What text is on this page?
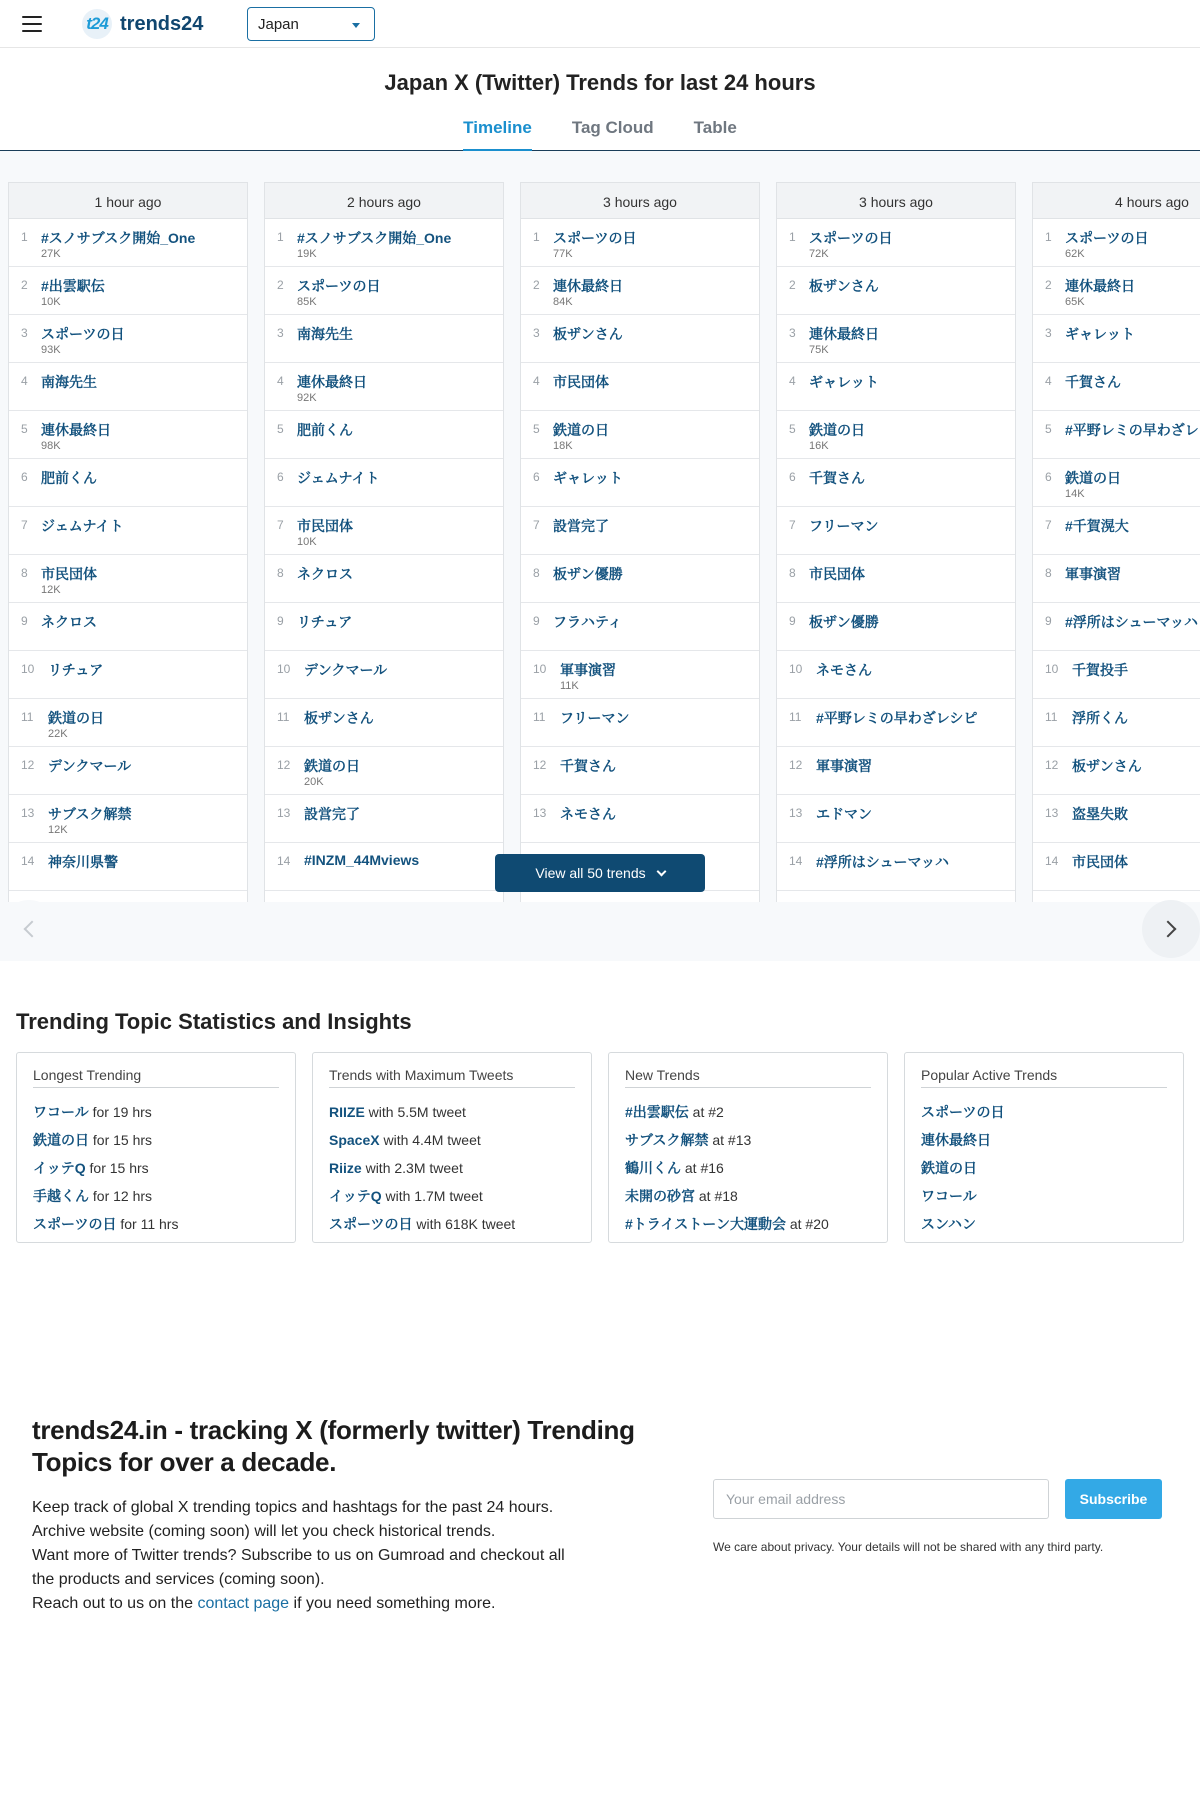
t24 trends24	Japan
Japan X (Twitter) Trends for last 24 hours
Timeline	Tag Cloud	Table
1 hour ago
1 #スノサブスク開始_One
27K
2 #出雲駅伝
10K
3 スポーツの日
93K
4 南海先生
5 連休最終日
98K
6 肥前くん
7 ジェムナイト
8 市民団体
12K
9 ネクロス
10 リチュア
11 鉄道の日
22K
12 デンクマール
13 サブスク解禁
12K
14 神奈川県警
2 hours ago
1 #スノサブスク開始_One
19K
2 スポーツの日
85K
3 南海先生
4 連休最終日
92K
5 肥前くん
6 ジェムナイト
7 市民団体
10K
8 ネクロス
9 リチュア
10 デンクマール
11 板ザンさん
12 鉄道の日
20K
13 設営完了
14 #INZM_44Mviews
3 hours ago
1 スポーツの日
77K
2 連休最終日
84K
3 板ザンさん
4 市民団体
5 鉄道の日
18K
6 ギャレット
7 設営完了
8 板ザン優勝
9 フラハティ
10 軍事演習
11K
11 フリーマン
12 千賀さん
13 ネモさん
3 hours ago
1 スポーツの日
72K
2 板ザンさん
3 連休最終日
75K
4 ギャレット
5 鉄道の日
16K
6 千賀さん
7 フリーマン
8 市民団体
9 板ザン優勝
10 ネモさん
11 #平野レミの早わざレシピ
12 軍事演習
13 エドマン
14 #浮所はシューマッハ
4 hours ago
1 スポーツの日
62K
2 連休最終日
65K
3 ギャレット
4 千賀さん
5 #平野レミの早わざレ
6 鉄道の日
14K
7 #千賀滉大
8 軍事演習
9 #浮所はシューマッハ
10 千賀投手
11 浮所くん
12 板ザンさん
13 盗塁失敗
14 市民団体
View all 50 trends
Trending Topic Statistics and Insights
Longest Trending
ワコール for 19 hrs
鉄道の日 for 15 hrs
イッテQ for 15 hrs
手越くん for 12 hrs
スポーツの日 for 11 hrs
Trends with Maximum Tweets
RIIZE with 5.5M tweet
SpaceX with 4.4M tweet
Riize with 2.3M tweet
イッテQ with 1.7M tweet
スポーツの日 with 618K tweet
New Trends
#出雲駅伝 at #2
サブスク解禁 at #13
鶴川くん at #16
未開の砂宮 at #18
#トライストーン大運動会 at #20
Popular Active Trends
スポーツの日
連休最終日
鉄道の日
ワコール
スンハン
trends24.in - tracking X (formerly twitter) Trending
Topics for over a decade.
Keep track of global X trending topics and hashtags for the past 24 hours.
Archive website (coming soon) will let you check historical trends.
Want more of Twitter trends? Subscribe to us on Gumroad and checkout all
the products and services (coming soon).
Reach out to us on the contact page if you need something more.
Your email address
Subscribe
We care about privacy. Your details will not be shared with any third party.
